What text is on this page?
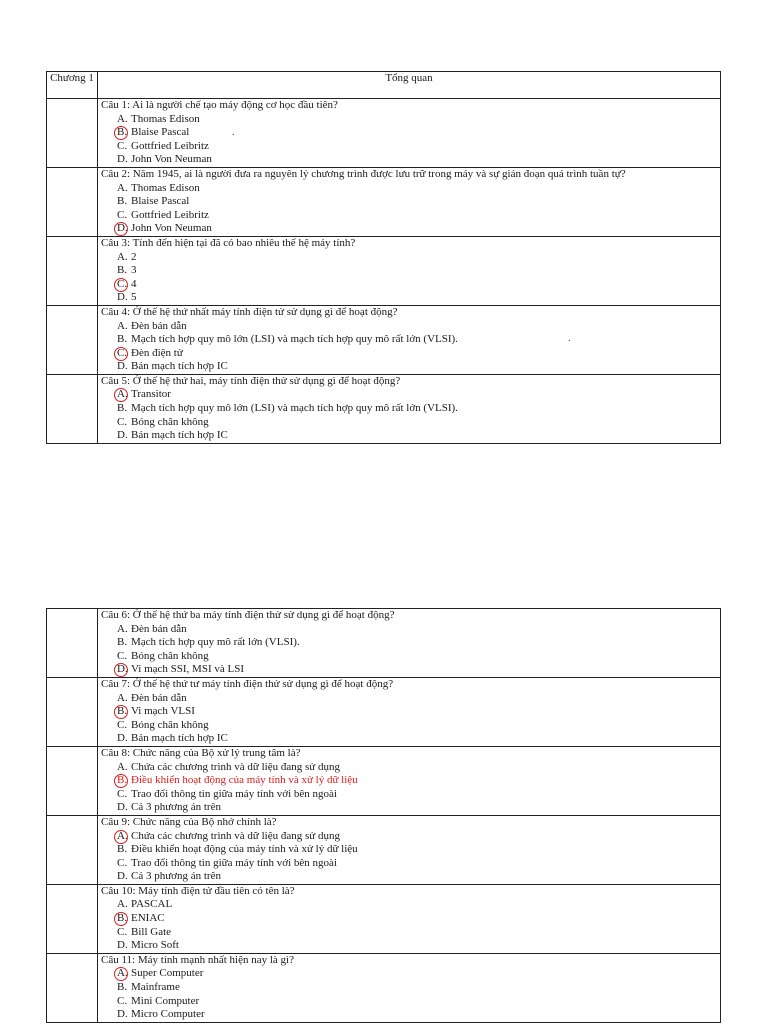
Chương 1	Tổng quan

	Câu 1: Ai là người chế tạo máy động cơ học đầu tiên?
A. Thomas Edison
B. Blaise Pascal
C. Gottfried Leibritz
D. John Von Neuman

	Câu 2: Năm 1945, ai là người đưa ra nguyên lý chương trình được lưu trữ trong máy và sự gián đoạn quá trình tuần tự?
A. Thomas Edison
B. Blaise Pascal
C. Gottfried Leibritz
D. John Von Neuman

	Câu 3: Tính đến hiện tại đã có bao nhiêu thế hệ máy tính?
A. 2
B. 3
C. 4
D. 5

	Câu 4: Ở thế hệ thứ nhất máy tính điện tử sử dụng gì để hoạt động?
A. Đèn bán dẫn
B. Mạch tích hợp quy mô lớn (LSI) và mạch tích hợp quy mô rất lớn (VLSI).
C. Đèn điện tử
D. Bản mạch tích hợp IC

	Câu 5: Ở thế hệ thứ hai, máy tính điện thử sử dụng gì để hoạt động?
A. Transitor
B. Mạch tích hợp quy mô lớn (LSI) và mạch tích hợp quy mô rất lớn (VLSI).
C. Bóng chân không
D. Bản mạch tích hợp IC

	Câu 6: Ở thế hệ thứ ba máy tính điện thử sử dụng gì để hoạt động?
A. Đèn bán dẫn
B. Mạch tích hợp quy mô rất lớn (VLSI).
C. Bóng chân không
D. Vi mạch SSI, MSI và LSI

	Câu 7: Ở thế hệ thứ tư máy tính điện thử sử dụng gì để hoạt động?
A. Đèn bán dẫn
B. Vi mạch VLSI
C. Bóng chân không
D. Bản mạch tích hợp IC

	Câu 8: Chức năng của Bộ xử lý trung tâm là?
A. Chứa các chương trình và dữ liệu đang sử dụng
B. Điều khiển hoạt động của máy tính và xử lý dữ liệu
C. Trao đổi thông tin giữa máy tính với bên ngoài
D. Cả 3 phương án trên

	Câu 9: Chức năng của Bộ nhớ chính là?
A. Chứa các chương trình và dữ liệu đang sử dụng
B. Điều khiển hoạt động của máy tính và xử lý dữ liệu
C. Trao đổi thông tin giữa máy tính với bên ngoài
D. Cả 3 phương án trên

	Câu 10: Máy tính điện tử đầu tiên có tên là?
A. PASCAL
B. ENIAC
C. Bill Gate
D. Micro Soft

	Câu 11: Máy tính mạnh nhất hiện nay là gì?
A. Super Computer
B. Mainframe
C. Mini Computer
D. Micro Computer
.
.
